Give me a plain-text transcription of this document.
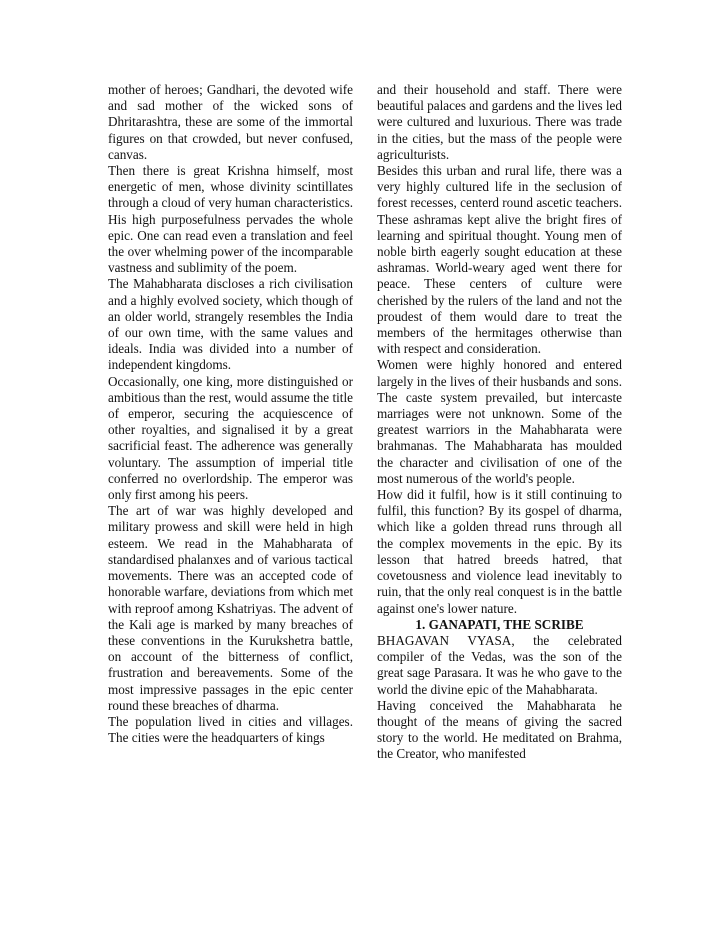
mother of heroes; Gandhari, the devoted wife and sad mother of the wicked sons of Dhritarashtra, these are some of the immortal figures on that crowded, but never confused, canvas.

Then there is great Krishna himself, most energetic of men, whose divinity scintillates through a cloud of very human characteristics. His high purposefulness pervades the whole epic. One can read even a translation and feel the over whelming power of the incomparable vastness and sublimity of the poem.

The Mahabharata discloses a rich civilisation and a highly evolved society, which though of an older world, strangely resembles the India of our own time, with the same values and ideals. India was divided into a number of independent kingdoms.

Occasionally, one king, more distinguished or ambitious than the rest, would assume the title of emperor, securing the acquiescence of other royalties, and signalised it by a great sacrificial feast. The adherence was generally voluntary. The assumption of imperial title conferred no overlordship. The emperor was only first among his peers.

The art of war was highly developed and military prowess and skill were held in high esteem. We read in the Mahabharata of standardised phalanxes and of various tactical movements. There was an accepted code of honorable warfare, deviations from which met with reproof among Kshatriyas. The advent of the Kali age is marked by many breaches of these conventions in the Kurukshetra battle, on account of the bitterness of conflict, frustration and bereavements. Some of the most impressive passages in the epic center round these breaches of dharma.

The population lived in cities and villages. The cities were the headquarters of kings

and their household and staff. There were beautiful palaces and gardens and the lives led were cultured and luxurious. There was trade in the cities, but the mass of the people were agriculturists.

Besides this urban and rural life, there was a very highly cultured life in the seclusion of forest recesses, centerd round ascetic teachers. These ashramas kept alive the bright fires of learning and spiritual thought. Young men of noble birth eagerly sought education at these ashramas. World-weary aged went there for peace. These centers of culture were cherished by the rulers of the land and not the proudest of them would dare to treat the members of the hermitages otherwise than with respect and consideration.

Women were highly honored and entered largely in the lives of their husbands and sons. The caste system prevailed, but intercaste marriages were not unknown. Some of the greatest warriors in the Mahabharata were brahmanas. The Mahabharata has moulded the character and civilisation of one of the most numerous of the world's people.

How did it fulfil, how is it still continuing to fulfil, this function? By its gospel of dharma, which like a golden thread runs through all the complex movements in the epic. By its lesson that hatred breeds hatred, that covetousness and violence lead inevitably to ruin, that the only real conquest is in the battle against one's lower nature.

1. GANAPATI, THE SCRIBE

BHAGAVAN VYASA, the celebrated compiler of the Vedas, was the son of the great sage Parasara. It was he who gave to the world the divine epic of the Mahabharata.

Having conceived the Mahabharata he thought of the means of giving the sacred story to the world. He meditated on Brahma, the Creator, who manifested
